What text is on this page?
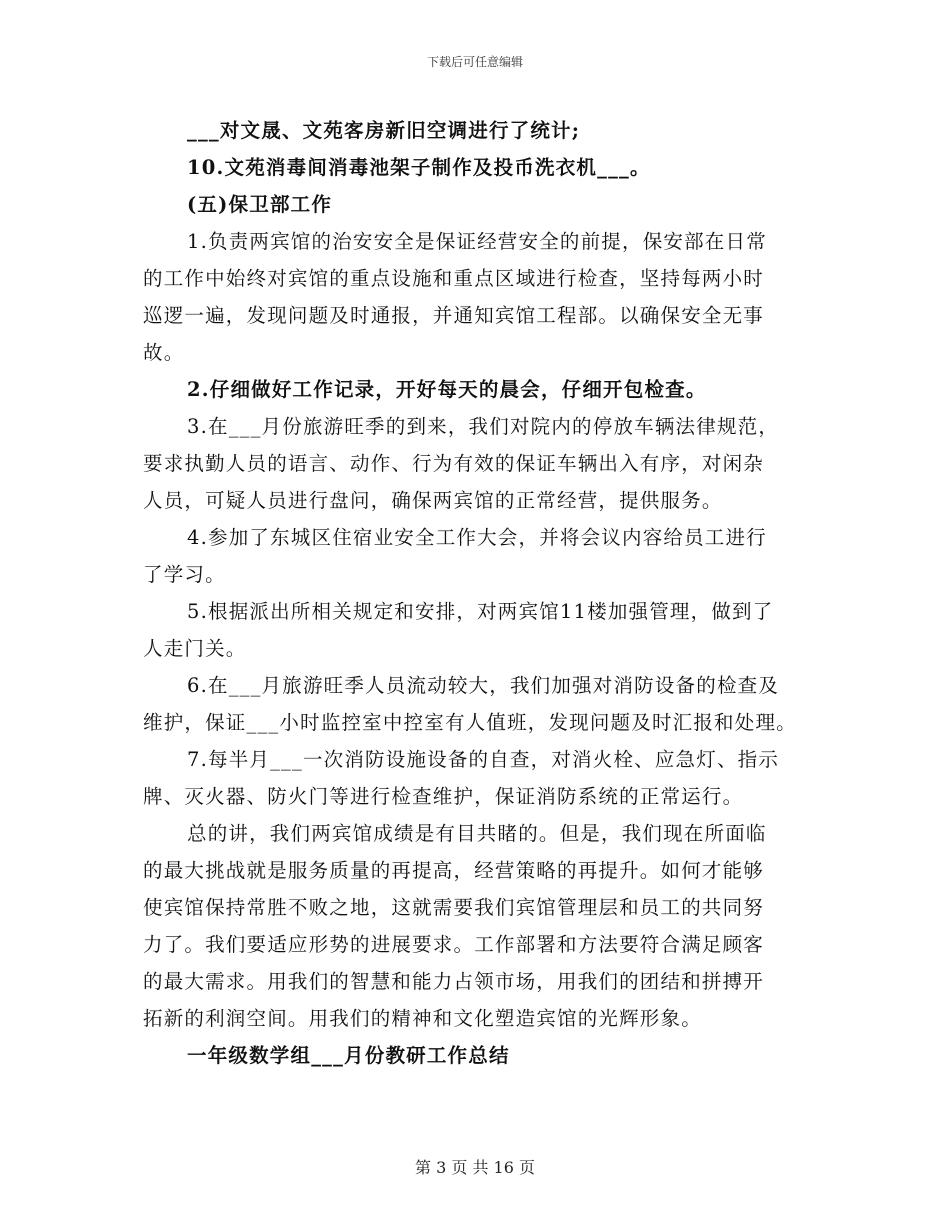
下载后可任意编辑
___对文晟、文苑客房新旧空调进行了统计;
10.文苑消毒间消毒池架子制作及投币洗衣机___。
(五)保卫部工作
1.负责两宾馆的治安安全是保证经营安全的前提，保安部在日常
的工作中始终对宾馆的重点设施和重点区域进行检查，坚持每两小时
巡逻一遍，发现问题及时通报，并通知宾馆工程部。以确保安全无事
故。
2.仔细做好工作记录，开好每天的晨会，仔细开包检查。
3.在___月份旅游旺季的到来，我们对院内的停放车辆法律规范，
要求执勤人员的语言、动作、行为有效的保证车辆出入有序，对闲杂
人员，可疑人员进行盘问，确保两宾馆的正常经营，提供服务。
4.参加了东城区住宿业安全工作大会，并将会议内容给员工进行
了学习。
5.根据派出所相关规定和安排，对两宾馆11楼加强管理，做到了
人走门关。
6.在___月旅游旺季人员流动较大，我们加强对消防设备的检查及
维护，保证___小时监控室中控室有人值班，发现问题及时汇报和处理。
7.每半月___一次消防设施设备的自查，对消火栓、应急灯、指示
牌、灭火器、防火门等进行检查维护，保证消防系统的正常运行。
总的讲，我们两宾馆成绩是有目共睹的。但是，我们现在所面临
的最大挑战就是服务质量的再提高，经营策略的再提升。如何才能够
使宾馆保持常胜不败之地，这就需要我们宾馆管理层和员工的共同努
力了。我们要适应形势的进展要求。工作部署和方法要符合满足顾客
的最大需求。用我们的智慧和能力占领市场，用我们的团结和拼搏开
拓新的利润空间。用我们的精神和文化塑造宾馆的光辉形象。
一年级数学组___月份教研工作总结
第 3 页 共 16 页
